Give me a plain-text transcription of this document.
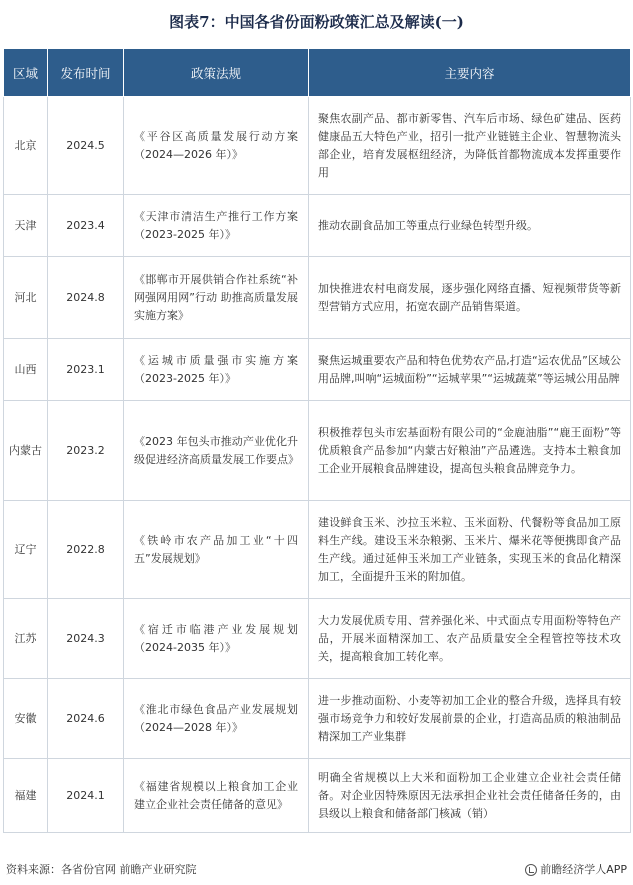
图表7：中国各省份面粉政策汇总及解读(一)
区域	发布时间	政策法规	主要内容
北京	2024.5	《平谷区高质量发展行动方案（2024—2026 年）》	聚焦农副产品、都市新零售、汽车后市场、绿色矿建品、医药健康品五大特色产业，招引一批产业链链主企业、智慧物流头部企业，培育发展枢纽经济，为降低首都物流成本发挥重要作用
天津	2023.4	《天津市清洁生产推行工作方案（2023-2025 年）》	推动农副食品加工等重点行业绿色转型升级。
河北	2024.8	《邯郸市开展供销合作社系统“补网强网用网”行动 助推高质量发展实施方案》	加快推进农村电商发展，逐步强化网络直播、短视频带货等新型营销方式应用，拓宽农副产品销售渠道。
山西	2023.1	《运城市质量强市实施方案（2023-2025 年）》	聚焦运城重要农产品和特色优势农产品,打造“运农优品”区域公用品牌,叫响“运城面粉”“运城苹果”“运城蔬菜”等运城公用品牌
内蒙古	2023.2	《2023 年包头市推动产业优化升级促进经济高质量发展工作要点》	积极推荐包头市宏基面粉有限公司的“金鹿油脂”“鹿王面粉”等优质粮食产品参加“内蒙古好粮油”产品遴选。支持本土粮食加工企业开展粮食品牌建设，提高包头粮食品牌竞争力。
辽宁	2022.8	《铁岭市农产品加工业“十四五”发展规划》	建设鲜食玉米、沙拉玉米粒、玉米面粉、代餐粉等食品加工原料生产线。建设玉米杂粮粥、玉米片、爆米花等便携即食产品生产线。通过延伸玉米加工产业链条，实现玉米的食品化精深加工，全面提升玉米的附加值。
江苏	2024.3	《宿迁市临港产业发展规划（2024-2035 年）》	大力发展优质专用、营养强化米、中式面点专用面粉等特色产品，开展米面精深加工、农产品质量安全全程管控等技术攻关，提高粮食加工转化率。
安徽	2024.6	《淮北市绿色食品产业发展规划（2024—2028 年）》	进一步推动面粉、小麦等初加工企业的整合升级，选择具有较强市场竞争力和较好发展前景的企业，打造高品质的粮油制品精深加工产业集群
福建	2024.1	《福建省规模以上粮食加工企业建立企业社会责任储备的意见》	明确全省规模以上大米和面粉加工企业建立企业社会责任储备。对企业因特殊原因无法承担企业社会责任储备任务的，由县级以上粮食和储备部门核减（销）
资料来源：各省份官网 前瞻产业研究院	前瞻经济学人APP
